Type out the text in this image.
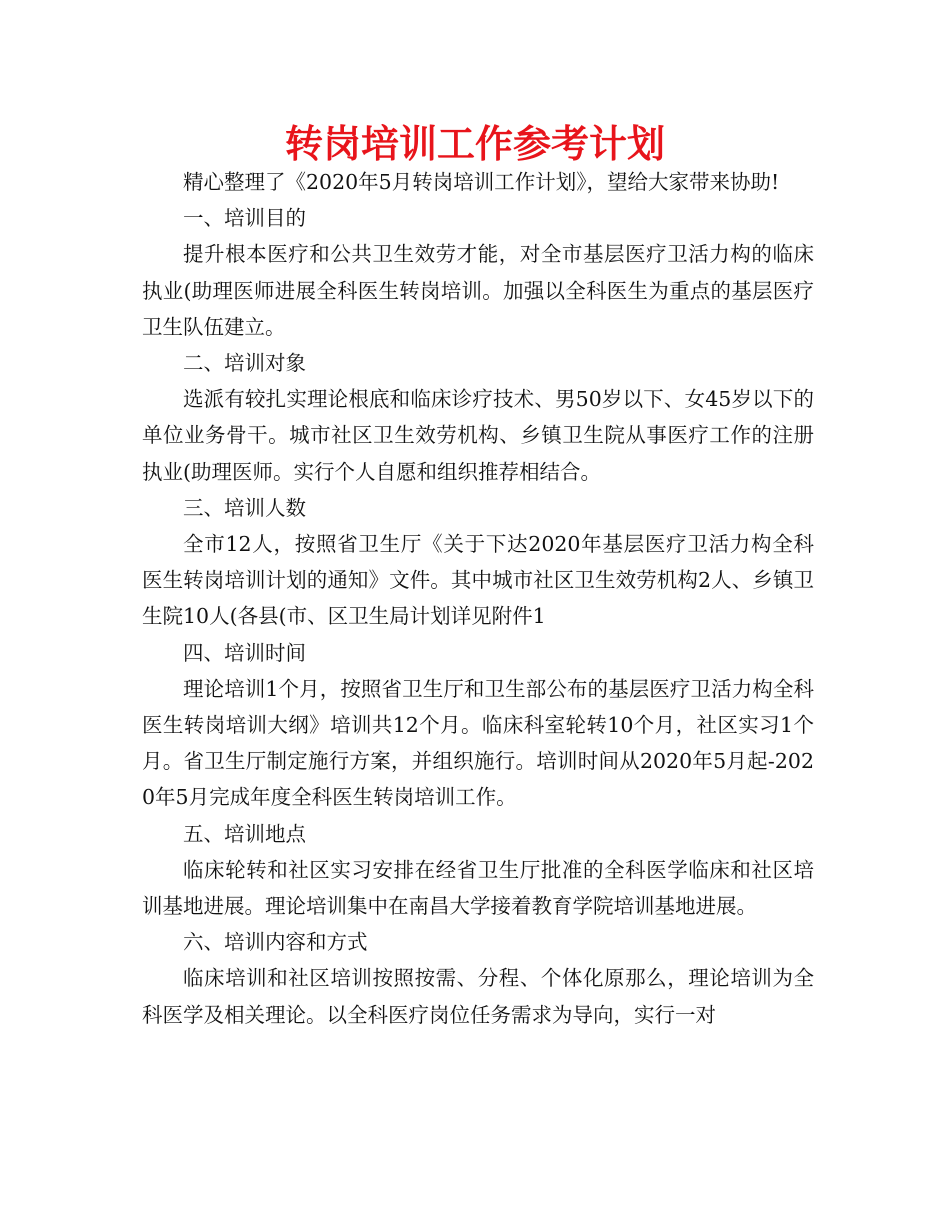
转岗培训工作参考计划

精心整理了《2020年5月转岗培训工作计划》，望给大家带来协助!

一、培训目的

提升根本医疗和公共卫生效劳才能，对全市基层医疗卫活力构的临床执业(助理医师进展全科医生转岗培训。加强以全科医生为重点的基层医疗卫生队伍建立。

二、培训对象

选派有较扎实理论根底和临床诊疗技术、男50岁以下、女45岁以下的单位业务骨干。城市社区卫生效劳机构、乡镇卫生院从事医疗工作的注册执业(助理医师。实行个人自愿和组织推荐相结合。

三、培训人数

全市12人，按照省卫生厅《关于下达2020年基层医疗卫活力构全科医生转岗培训计划的通知》文件。其中城市社区卫生效劳机构2人、乡镇卫生院10人(各县(市、区卫生局计划详见附件1

四、培训时间

理论培训1个月，按照省卫生厅和卫生部公布的基层医疗卫活力构全科医生转岗培训大纲》培训共12个月。临床科室轮转10个月，社区实习1个月。省卫生厅制定施行方案，并组织施行。培训时间从2020年5月起-2020年5月完成年度全科医生转岗培训工作。

五、培训地点

临床轮转和社区实习安排在经省卫生厅批准的全科医学临床和社区培训基地进展。理论培训集中在南昌大学接着教育学院培训基地进展。

六、培训内容和方式

临床培训和社区培训按照按需、分程、个体化原那么，理论培训为全科医学及相关理论。以全科医疗岗位任务需求为导向，实行一对
